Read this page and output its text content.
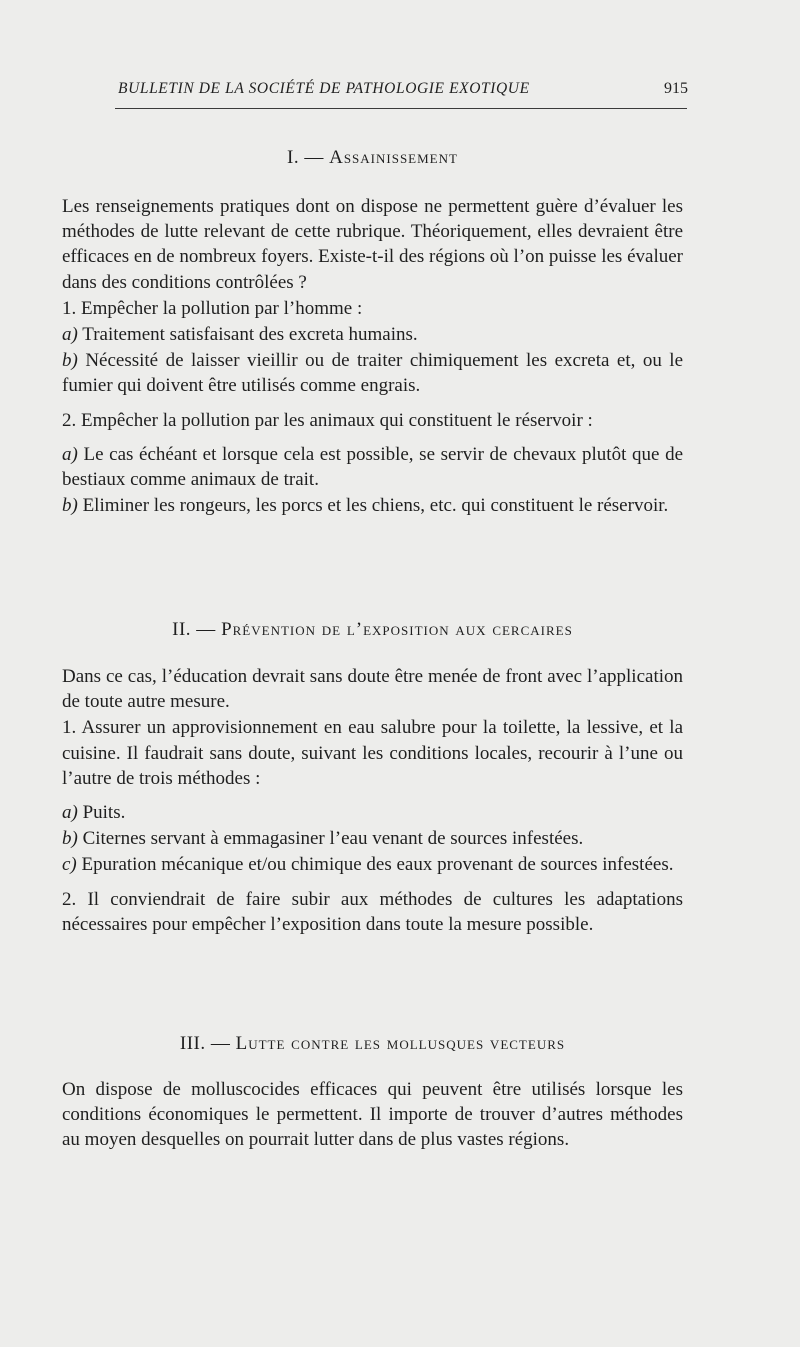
BULLETIN DE LA SOCIÉTÉ DE PATHOLOGIE EXOTIQUE	915
I. — Assainissement

Les renseignements pratiques dont on dispose ne permettent guère d’évaluer les méthodes de lutte relevant de cette rubrique. Théoriquement, elles devraient être efficaces en de nombreux foyers. Existe-t-il des régions où l’on puisse les évaluer dans des conditions contrôlées ?

1. Empêcher la pollution par l’homme :

a) Traitement satisfaisant des excreta humains.

b) Nécessité de laisser vieillir ou de traiter chimiquement les excreta et, ou le fumier qui doivent être utilisés comme engrais.

2. Empêcher la pollution par les animaux qui constituent le réservoir :

a) Le cas échéant et lorsque cela est possible, se servir de chevaux plutôt que de bestiaux comme animaux de trait.

b) Eliminer les rongeurs, les porcs et les chiens, etc. qui constituent le réservoir.

II. — Prévention de l’exposition aux cercaires

Dans ce cas, l’éducation devrait sans doute être menée de front avec l’application de toute autre mesure.

1. Assurer un approvisionnement en eau salubre pour la toilette, la lessive, et la cuisine. Il faudrait sans doute, suivant les conditions locales, recourir à l’une ou l’autre de trois méthodes :

a) Puits.

b) Citernes servant à emmagasiner l’eau venant de sources infestées.

c) Epuration mécanique et/ou chimique des eaux provenant de sources infestées.

2. Il conviendrait de faire subir aux méthodes de cultures les adaptations nécessaires pour empêcher l’exposition dans toute la mesure possible.

III. — Lutte contre les mollusques vecteurs

On dispose de molluscocides efficaces qui peuvent être utilisés lorsque les conditions économiques le permettent. Il importe de trouver d’autres méthodes au moyen desquelles on pourrait lutter dans de plus vastes régions.
